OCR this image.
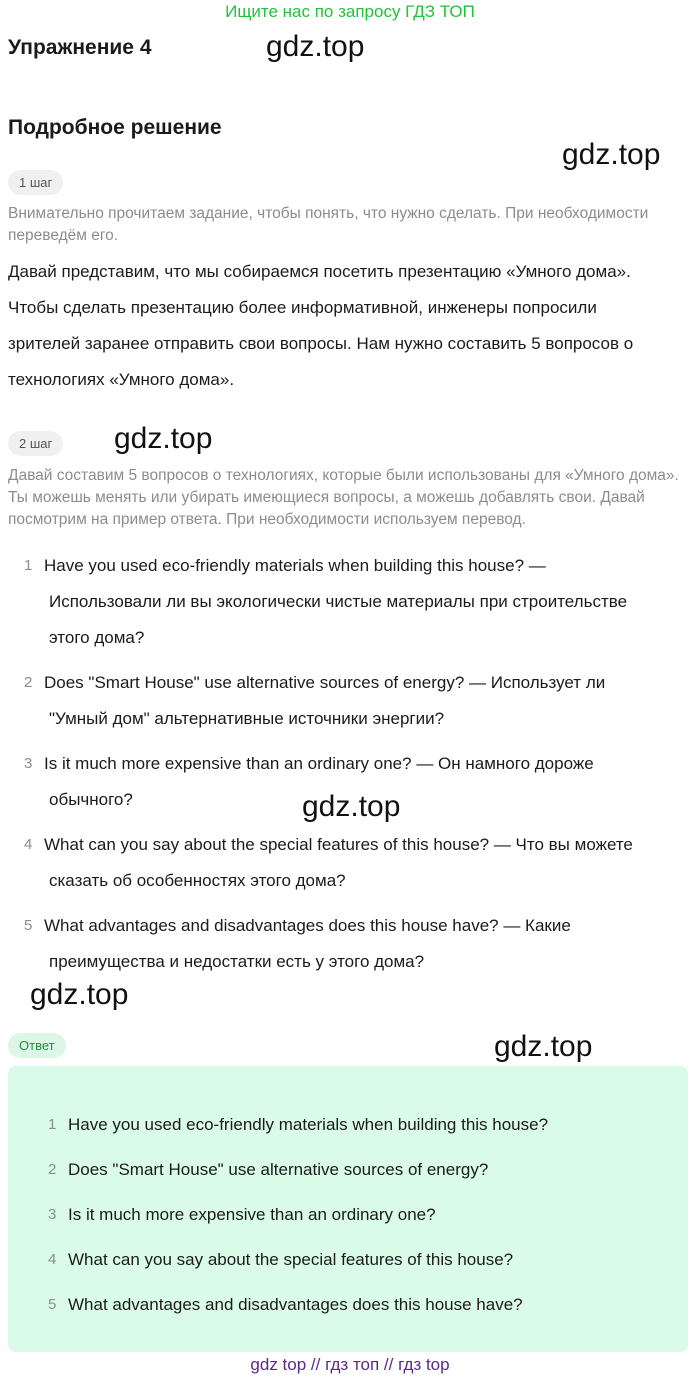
Ищите нас по запросу ГДЗ ТОП
Упражнение 4	gdz.top
Подробное решение
gdz.top
1 шаг
Внимательно прочитаем задание, чтобы понять, что нужно сделать. При необходимости переведём его.
Давай представим, что мы собираемся посетить презентацию «Умного дома».
Чтобы сделать презентацию более информативной, инженеры попросили
зрителей заранее отправить свои вопросы. Нам нужно составить 5 вопросов о
технологиях «Умного дома».
2 шаг	gdz.top
Давай составим 5 вопросов о технологиях, которые были использованы для «Умного дома». Ты можешь менять или убирать имеющиеся вопросы, а можешь добавлять свои. Давай посмотрим на пример ответа. При необходимости используем перевод.
1 Have you used eco-friendly materials when building this house? —
Использовали ли вы экологически чистые материалы при строительстве
этого дома?
2 Does "Smart House" use alternative sources of energy? — Использует ли
"Умный дом" альтернативные источники энергии?
3 Is it much more expensive than an ordinary one? — Он намного дороже
обычного?
4 What can you say about the special features of this house? — Что вы можете
сказать об особенностях этого дома?
5 What advantages and disadvantages does this house have? — Какие
преимущества и недостатки есть у этого дома?
gdz.top
gdz.top
gdz.top
Ответ
1 Have you used eco-friendly materials when building this house?
2 Does "Smart House" use alternative sources of energy?
3 Is it much more expensive than an ordinary one?
4 What can you say about the special features of this house?
5 What advantages and disadvantages does this house have?
gdz top // гдз топ // гдз top
